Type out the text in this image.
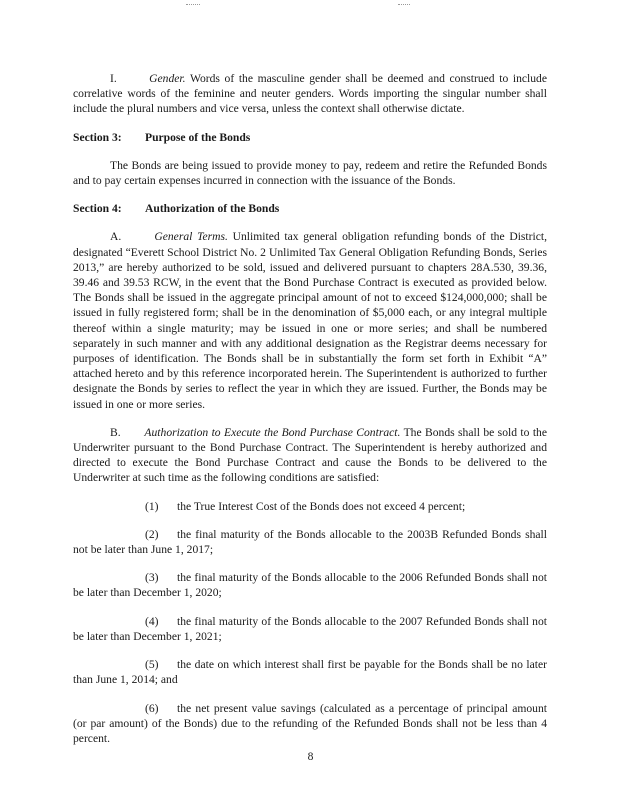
I.	Gender. Words of the masculine gender shall be deemed and construed to include correlative words of the feminine and neuter genders. Words importing the singular number shall include the plural numbers and vice versa, unless the context shall otherwise dictate.

Section 3:	Purpose of the Bonds

The Bonds are being issued to provide money to pay, redeem and retire the Refunded Bonds and to pay certain expenses incurred in connection with the issuance of the Bonds.

Section 4:	Authorization of the Bonds

A.	General Terms. Unlimited tax general obligation refunding bonds of the District, designated “Everett School District No. 2 Unlimited Tax General Obligation Refunding Bonds, Series 2013,” are hereby authorized to be sold, issued and delivered pursuant to chapters 28A.530, 39.36, 39.46 and 39.53 RCW, in the event that the Bond Purchase Contract is executed as provided below. The Bonds shall be issued in the aggregate principal amount of not to exceed $124,000,000; shall be issued in fully registered form; shall be in the denomination of $5,000 each, or any integral multiple thereof within a single maturity; may be issued in one or more series; and shall be numbered separately in such manner and with any additional designation as the Registrar deems necessary for purposes of identification. The Bonds shall be in substantially the form set forth in Exhibit “A” attached hereto and by this reference incorporated herein. The Superintendent is authorized to further designate the Bonds by series to reflect the year in which they are issued. Further, the Bonds may be issued in one or more series.

B. Authorization to Execute the Bond Purchase Contract. The Bonds shall be sold to the Underwriter pursuant to the Bond Purchase Contract. The Superintendent is hereby authorized and directed to execute the Bond Purchase Contract and cause the Bonds to be delivered to the Underwriter at such time as the following conditions are satisfied:

(1) the True Interest Cost of the Bonds does not exceed 4 percent;

(2) the final maturity of the Bonds allocable to the 2003B Refunded Bonds shall not be later than June 1, 2017;

(3) the final maturity of the Bonds allocable to the 2006 Refunded Bonds shall not be later than December 1, 2020;

(4) the final maturity of the Bonds allocable to the 2007 Refunded Bonds shall not be later than December 1, 2021;

(5) the date on which interest shall first be payable for the Bonds shall be no later than June 1, 2014; and

(6) the net present value savings (calculated as a percentage of principal amount (or par amount) of the Bonds) due to the refunding of the Refunded Bonds shall not be less than 4 percent.

8
